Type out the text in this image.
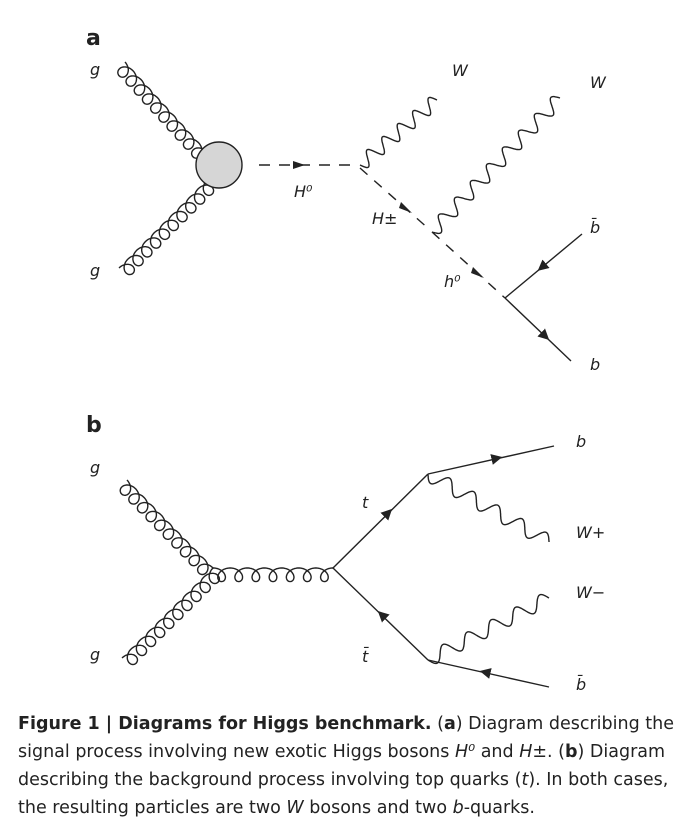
a
g
g
H⁰
W
H±
W
h⁰
b̄
b
b
g
g
t
t̄
b
W+
W−
b̄
Figure 1 | Diagrams for Higgs benchmark. (a) Diagram describing the signal process involving new exotic Higgs bosons H⁰ and H±. (b) Diagram describing the background process involving top quarks (t). In both cases, the resulting particles are two W bosons and two b-quarks.
